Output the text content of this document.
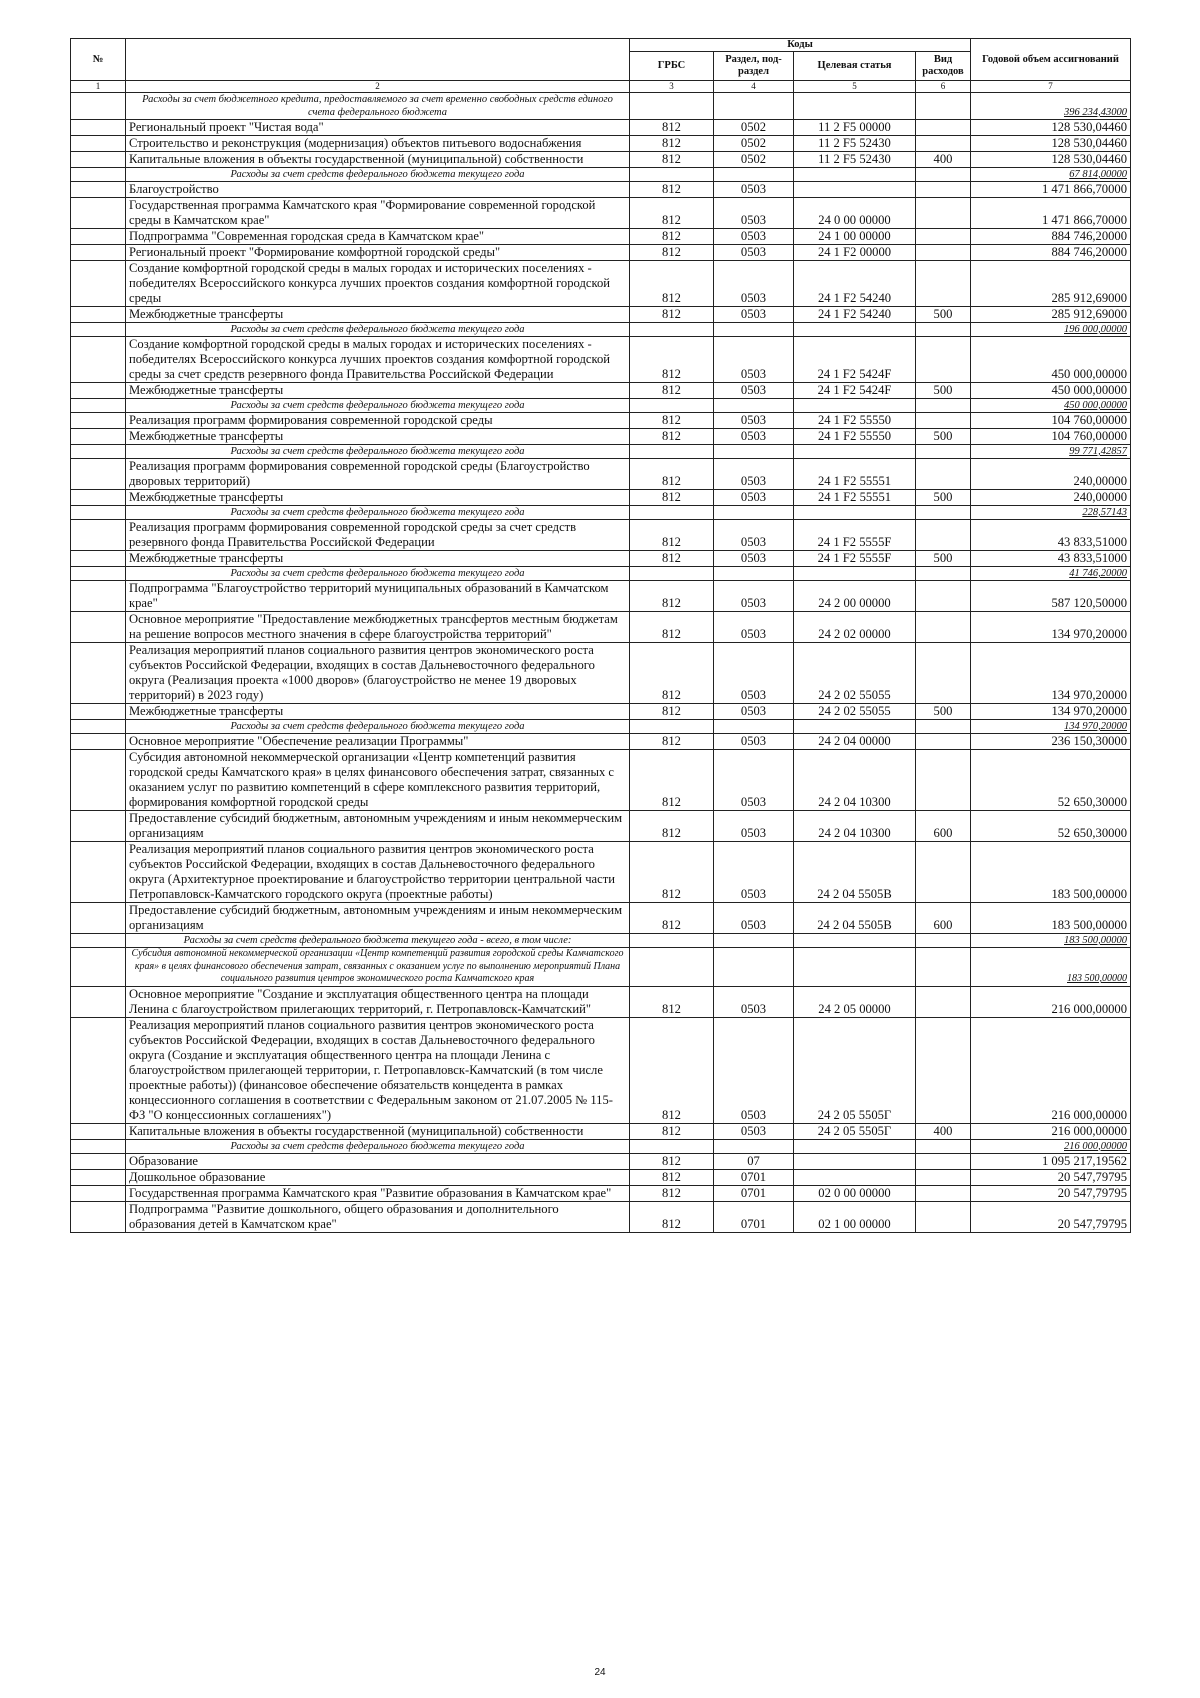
№		Коды				Годовой объем ассигнований
		ГРБС	Раздел, под-раздел	Целевая статья	Вид расходов	
1	2	3	4	5	6	7
	Расходы за счет бюджетного кредита, предоставляемого за счет временно свободных средств единого счета федерального бюджета					396 234,43000
	Региональный проект "Чистая вода"	812	0502	11 2 F5 00000		128 530,04460
	Строительство и реконструкция (модернизация) объектов питьевого водоснабжения	812	0502	11 2 F5 52430		128 530,04460
	Капитальные вложения в объекты государственной (муниципальной) собственности	812	0502	11 2 F5 52430	400	128 530,04460
	Расходы за счет средств федерального бюджета текущего года					67 814,00000
	Благоустройство	812	0503			1 471 866,70000
	Государственная программа Камчатского края "Формирование современной городской среды в Камчатском крае"	812	0503	24 0 00 00000		1 471 866,70000
	Подпрограмма "Современная городская среда в Камчатском крае"	812	0503	24 1 00 00000		884 746,20000
	Региональный проект "Формирование комфортной городской среды"	812	0503	24 1 F2 00000		884 746,20000
	Создание комфортной городской среды в малых городах и исторических поселениях - победителях Всероссийского конкурса лучших проектов создания комфортной городской среды	812	0503	24 1 F2 54240		285 912,69000
	Межбюджетные трансферты	812	0503	24 1 F2 54240	500	285 912,69000
	Расходы за счет средств федерального бюджета текущего года					196 000,00000
	Создание комфортной городской среды в малых городах и исторических поселениях - победителях Всероссийского конкурса лучших проектов создания комфортной городской среды за счет средств резервного фонда Правительства Российской Федерации	812	0503	24 1 F2 5424F		450 000,00000
	Межбюджетные трансферты	812	0503	24 1 F2 5424F	500	450 000,00000
	Расходы за счет средств федерального бюджета текущего года					450 000,00000
	Реализация программ формирования современной городской среды	812	0503	24 1 F2 55550		104 760,00000
	Межбюджетные трансферты	812	0503	24 1 F2 55550	500	104 760,00000
	Расходы за счет средств федерального бюджета текущего года					99 771,42857
	Реализация программ формирования современной городской среды (Благоустройство дворовых территорий)	812	0503	24 1 F2 55551		240,00000
	Межбюджетные трансферты	812	0503	24 1 F2 55551	500	240,00000
	Расходы за счет средств федерального бюджета текущего года					228,57143
	Реализация программ формирования современной городской среды за счет средств резервного фонда Правительства Российской Федерации	812	0503	24 1 F2 5555F		43 833,51000
	Межбюджетные трансферты	812	0503	24 1 F2 5555F	500	43 833,51000
	Расходы за счет средств федерального бюджета текущего года					41 746,20000
	Подпрограмма "Благоустройство территорий муниципальных образований в Камчатском крае"	812	0503	24 2 00 00000		587 120,50000
	Основное мероприятие "Предоставление межбюджетных трансфертов местным бюджетам на решение вопросов местного значения в сфере благоустройства территорий"	812	0503	24 2 02 00000		134 970,20000
	Реализация мероприятий планов социального развития центров экономического роста субъектов Российской Федерации, входящих в состав Дальневосточного федерального округа (Реализация проекта «1000 дворов» (благоустройство не менее 19 дворовых территорий) в 2023 году)	812	0503	24 2 02 55055		134 970,20000
	Межбюджетные трансферты	812	0503	24 2 02 55055	500	134 970,20000
	Расходы за счет средств федерального бюджета текущего года					134 970,20000
	Основное мероприятие "Обеспечение реализации Программы"	812	0503	24 2 04 00000		236 150,30000
	Субсидия автономной некоммерческой организации «Центр компетенций развития городской среды Камчатского края» в целях финансового обеспечения затрат, связанных с оказанием услуг по развитию компетенций в сфере комплексного развития территорий, формирования комфортной городской среды	812	0503	24 2 04 10300		52 650,30000
	Предоставление субсидий бюджетным, автономным учреждениям и иным некоммерческим организациям	812	0503	24 2 04 10300	600	52 650,30000
	Реализация мероприятий планов социального развития центров экономического роста субъектов Российской Федерации, входящих в состав Дальневосточного федерального округа (Архитектурное проектирование и благоустройство территории центральной части Петропавловск-Камчатского городского округа (проектные работы)	812	0503	24 2 04 5505В		183 500,00000
	Предоставление субсидий бюджетным, автономным учреждениям и иным некоммерческим организациям	812	0503	24 2 04 5505В	600	183 500,00000
	Расходы за счет средств федерального бюджета текущего года - всего, в том числе:					183 500,00000
	Субсидия автономной некоммерческой организации «Центр компетенций развития городской среды Камчатского края» в целях финансового обеспечения затрат, связанных с оказанием услуг по выполнению мероприятий Плана социального развития центров экономического роста Камчатского края					183 500,00000
	Основное мероприятие "Создание и эксплуатация общественного центра на площади Ленина с благоустройством прилегающих территорий, г. Петропавловск-Камчатский"	812	0503	24 2 05 00000		216 000,00000
	Реализация мероприятий планов социального развития центров экономического роста субъектов Российской Федерации, входящих в состав Дальневосточного федерального округа (Создание и эксплуатация общественного центра на площади Ленина с благоустройством прилегающей территории, г. Петропавловск-Камчатский (в том числе проектные работы)) (финансовое обеспечение обязательств концедента в рамках концессионного соглашения в соответствии с Федеральным законом от 21.07.2005 № 115-ФЗ "О концессионных соглашениях")	812	0503	24 2 05 5505Г		216 000,00000
	Капитальные вложения в объекты государственной (муниципальной) собственности	812	0503	24 2 05 5505Г	400	216 000,00000
	Расходы за счет средств федерального бюджета текущего года					216 000,00000
	Образование	812	07			1 095 217,19562
	Дошкольное образование	812	0701			20 547,79795
	Государственная программа Камчатского края "Развитие образования в Камчатском крае"	812	0701	02 0 00 00000		20 547,79795
	Подпрограмма "Развитие дошкольного, общего образования и дополнительного образования детей в Камчатском крае"	812	0701	02 1 00 00000		20 547,79795
24
